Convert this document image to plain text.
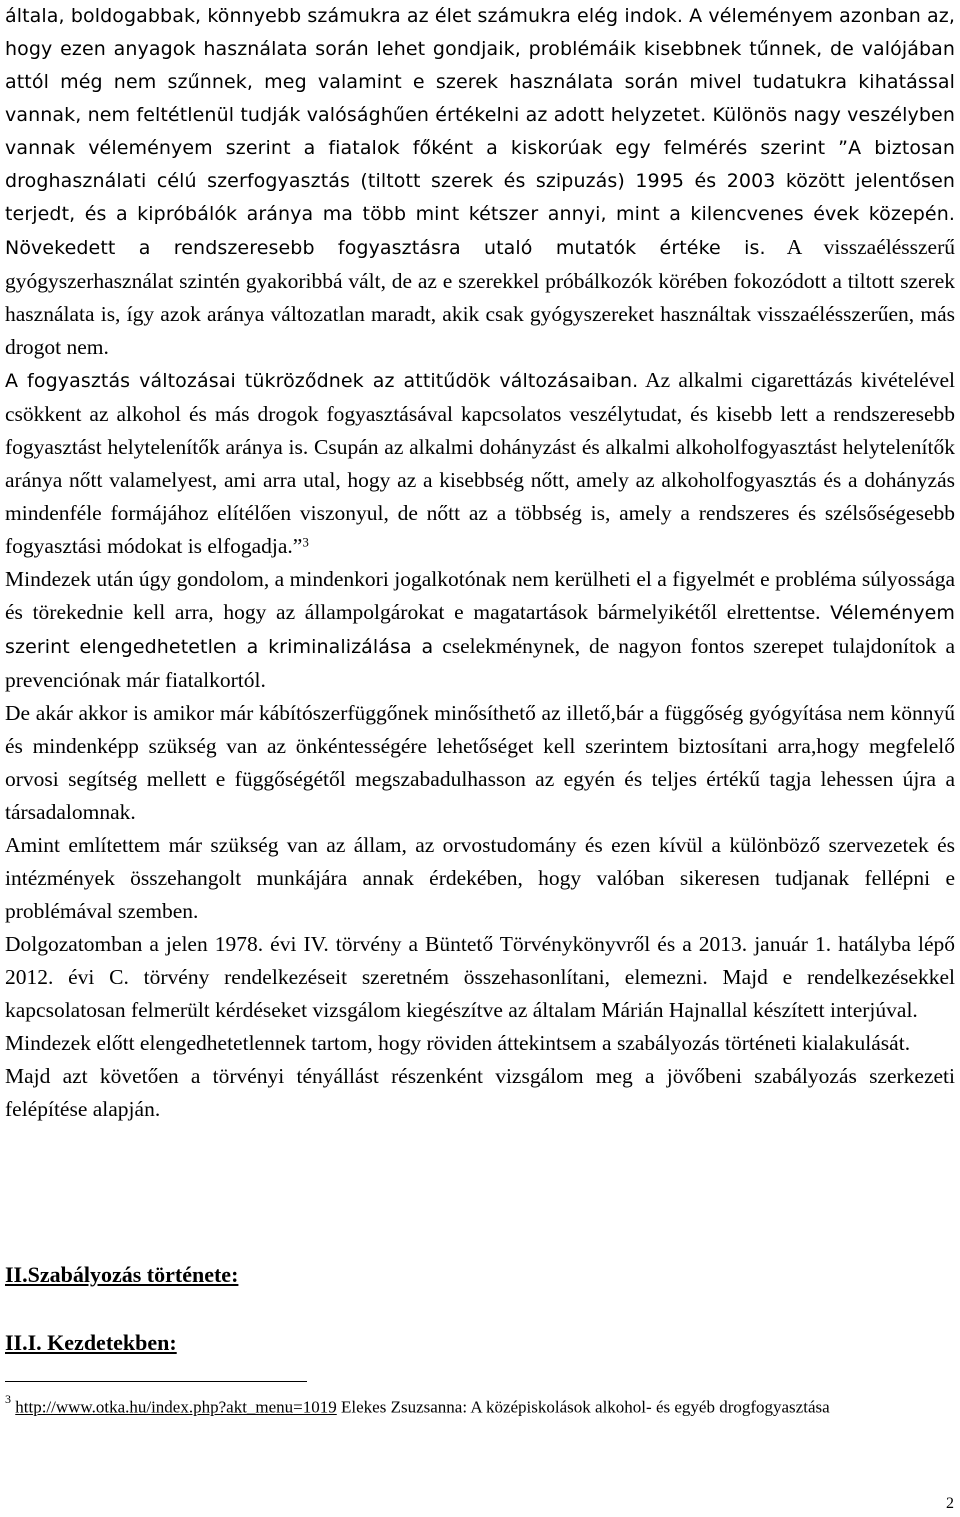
általa, boldogabbak, könnyebb számukra az élet számukra elég indok. A véleményem azonban az, hogy ezen anyagok használata során lehet gondjaik, problémáik kisebbnek tűnnek, de valójában attól még nem szűnnek, meg valamint e szerek használata során mivel tudatukra kihatással vannak, nem feltétlenül tudják valósághűen értékelni az adott helyzetet. Különös nagy veszélyben vannak véleményem szerint a fiatalok főként a kiskorúak egy felmérés szerint ”A biztosan droghasználati célú szerfogyasztás (tiltott szerek és szipuzás) 1995 és 2003 között jelentősen terjedt, és a kipróbálók aránya ma több mint kétszer annyi, mint a kilencvenes évek közepén. Növekedett a rendszeresebb fogyasztásra utaló mutatók értéke is. A visszaélésszerű gyógyszerhasználat szintén gyakoribbá vált, de az e szerekkel próbálkozók körében fokozódott a tiltott szerek használata is, így azok aránya változatlan maradt, akik csak gyógyszereket használtak visszaélésszerűen, más drogot nem.
A fogyasztás változásai tükröződnek az attitűdök változásaiban. Az alkalmi cigarettázás kivételével csökkent az alkohol és más drogok fogyasztásával kapcsolatos veszélytudat, és kisebb lett a rendszeresebb fogyasztást helytelenítők aránya is. Csupán az alkalmi dohányzást és alkalmi alkoholfogyasztást helytelenítők aránya nőtt valamelyest, ami arra utal, hogy az a kisebbség nőtt, amely az alkoholfogyasztás és a dohányzás mindenféle formájához elítélően viszonyul, de nőtt az a többség is, amely a rendszeres és szélsőségesebb fogyasztási módokat is elfogadja.”$^3$

Mindezek után úgy gondolom, a mindenkori jogalkotónak nem kerülheti el a figyelmét e probléma súlyossága és törekednie kell arra, hogy az állampolgárokat e magatartások bármelyikétől elrettentse. Véleményem szerint elengedhetetlen a kriminalizálása a cselekménynek, de nagyon fontos szerepet tulajdonítok a prevenciónak már fiatalkortól.

De akár akkor is amikor már kábítószerfüggőnek minősíthető az illető,bár a függőség gyógyítása nem könnyű és mindenképp szükség van az önkéntességére lehetőséget kell szerintem biztosítani arra,hogy megfelelő orvosi segítség mellett e függőségétől megszabadulhasson az egyén és teljes értékű tagja lehessen újra a társadalomnak.

Amint említettem már szükség van az állam, az orvostudomány és ezen kívül a különböző szervezetek és intézmények összehangolt munkájára annak érdekében, hogy valóban sikeresen tudjanak fellépni e problémával szemben.

Dolgozatomban a jelen 1978. évi IV. törvény a Büntető Törvénykönyvről és a 2013. január 1. hatályba lépő 2012. évi C. törvény rendelkezéseit szeretném összehasonlítani, elemezni. Majd e rendelkezésekkel kapcsolatosan felmerült kérdéseket vizsgálom kiegészítve az általam Márián Hajnallal készített interjúval.

Mindezek előtt elengedhetetlennek tartom, hogy röviden áttekintsem a szabályozás történeti kialakulását.

Majd azt követően a törvényi tényállást részenként vizsgálom meg a jövőbeni szabályozás szerkezeti felépítése alapján.

II.Szabályozás története:
II.I. Kezdetekben:
$^3$ http://www.otka.hu/index.php?akt_menu=1019 Elekes Zsuzsanna: A középiskolások alkohol- és egyéb drogfogyasztása
2
